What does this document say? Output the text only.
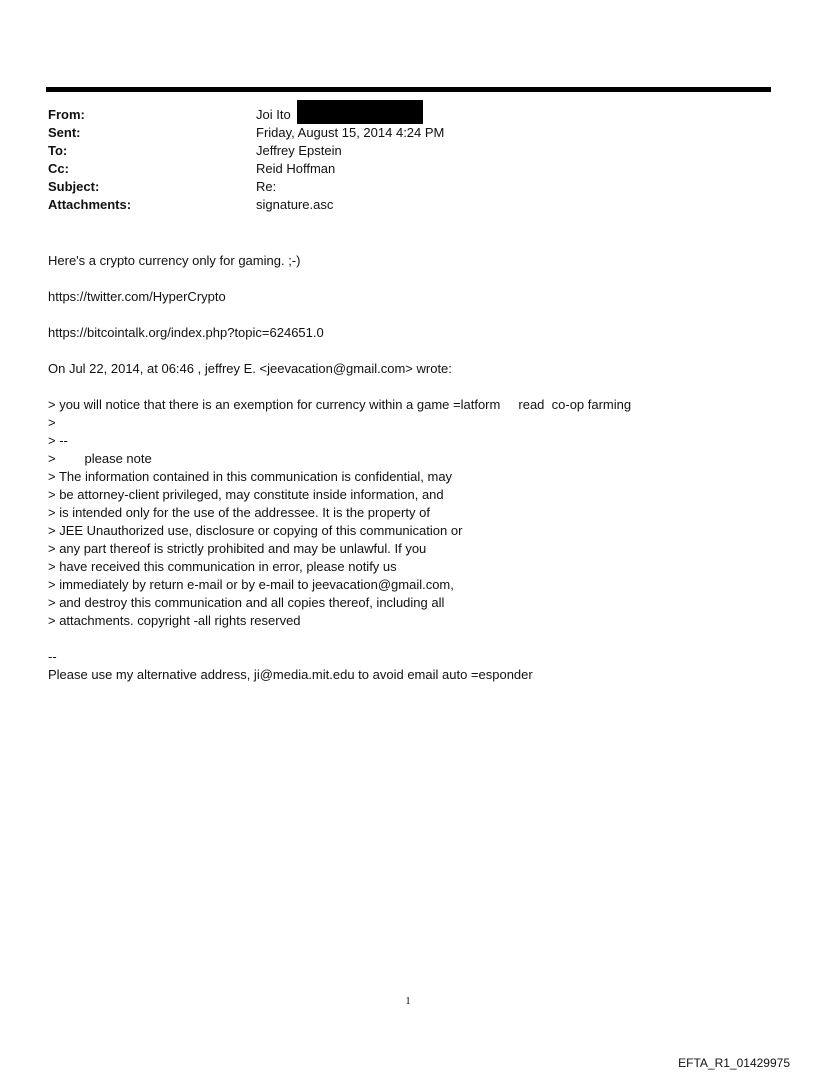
From:	Joi Ito
Sent:	Friday, August 15, 2014 4:24 PM
To:	Jeffrey Epstein
Cc:	Reid Hoffman
Subject:	Re:
Attachments:	signature.asc

Here's a crypto currency only for gaming. ;-)

https://twitter.com/HyperCrypto

https://bitcointalk.org/index.php?topic=624651.0

On Jul 22, 2014, at 06:46 , jeffrey E. <jeevacation@gmail.com> wrote:

> you will notice that there is an exemption for currency within a game =latform     read  co-op farming

>

> --

>        please note

> The information contained in this communication is confidential, may

> be attorney-client privileged, may constitute inside information, and

> is intended only for the use of the addressee. It is the property of

> JEE Unauthorized use, disclosure or copying of this communication or

> any part thereof is strictly prohibited and may be unlawful. If you

> have received this communication in error, please notify us

> immediately by return e-mail or by e-mail to jeevacation@gmail.com,

> and destroy this communication and all copies thereof, including all

> attachments. copyright -all rights reserved

--

Please use my alternative address, ji@media.mit.edu to avoid email auto =esponder

1
EFTA_R1_01429975
